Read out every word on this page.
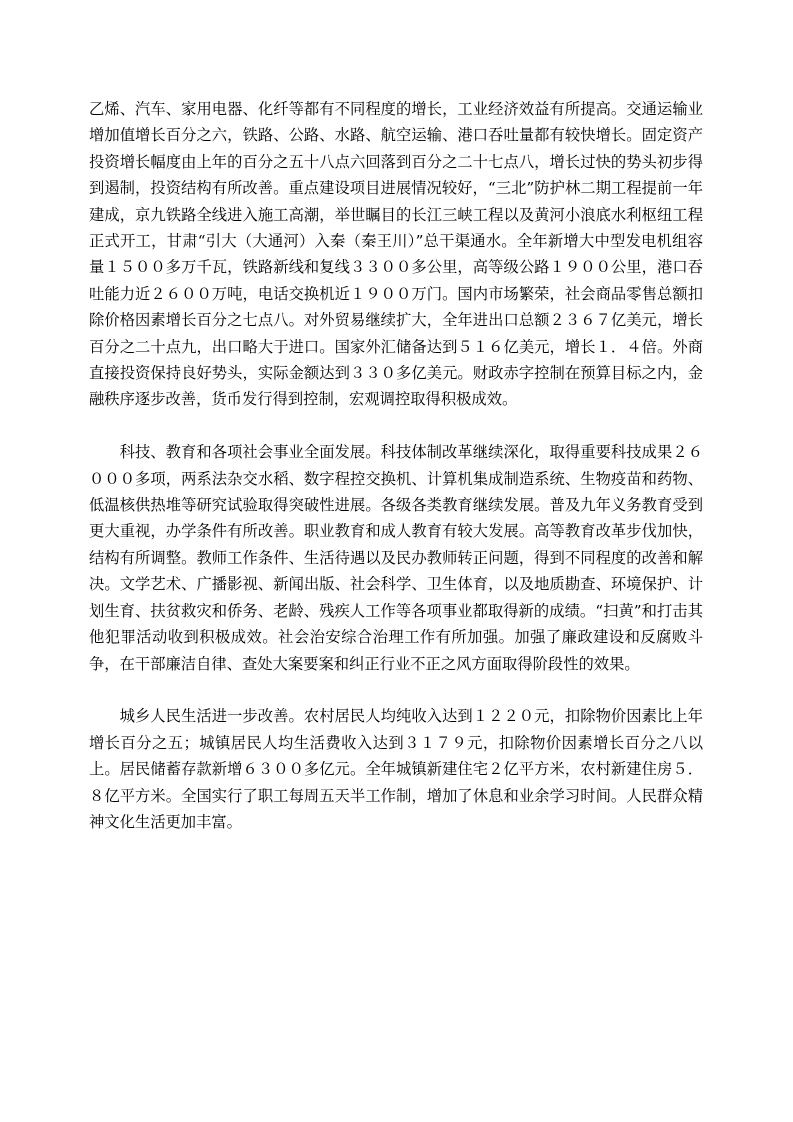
乙烯、汽车、家用电器、化纤等都有不同程度的增长，工业经济效益有所提高。交通运输业增加值增长百分之六，铁路、公路、水路、航空运输、港口吞吐量都有较快增长。固定资产投资增长幅度由上年的百分之五十八点六回落到百分之二十七点八，增长过快的势头初步得到遏制，投资结构有所改善。重点建设项目进展情况较好，“三北”防护林二期工程提前一年建成，京九铁路全线进入施工高潮，举世瞩目的长江三峡工程以及黄河小浪底水利枢纽工程正式开工，甘肃“引大（大通河）入秦（秦王川）”总干渠通水。全年新增大中型发电机组容量１５００多万千瓦，铁路新线和复线３３００多公里，高等级公路１９００公里，港口吞吐能力近２６００万吨，电话交换机近１９００万门。国内市场繁荣，社会商品零售总额扣除价格因素增长百分之七点八。对外贸易继续扩大，全年进出口总额２３６７亿美元，增长百分之二十点九，出口略大于进口。国家外汇储备达到５１６亿美元，增长１．４倍。外商直接投资保持良好势头，实际金额达到３３０多亿美元。财政赤字控制在预算目标之内，金融秩序逐步改善，货币发行得到控制，宏观调控取得积极成效。

科技、教育和各项社会事业全面发展。科技体制改革继续深化，取得重要科技成果２６０００多项，两系法杂交水稻、数字程控交换机、计算机集成制造系统、生物疫苗和药物、低温核供热堆等研究试验取得突破性进展。各级各类教育继续发展。普及九年义务教育受到更大重视，办学条件有所改善。职业教育和成人教育有较大发展。高等教育改革步伐加快，结构有所调整。教师工作条件、生活待遇以及民办教师转正问题，得到不同程度的改善和解决。文学艺术、广播影视、新闻出版、社会科学、卫生体育，以及地质勘查、环境保护、计划生育、扶贫救灾和侨务、老龄、残疾人工作等各项事业都取得新的成绩。“扫黄”和打击其他犯罪活动收到积极成效。社会治安综合治理工作有所加强。加强了廉政建设和反腐败斗争，在干部廉洁自律、查处大案要案和纠正行业不正之风方面取得阶段性的效果。

城乡人民生活进一步改善。农村居民人均纯收入达到１２２０元，扣除物价因素比上年增长百分之五；城镇居民人均生活费收入达到３１７９元，扣除物价因素增长百分之八以上。居民储蓄存款新增６３００多亿元。全年城镇新建住宅２亿平方米，农村新建住房５．８亿平方米。全国实行了职工每周五天半工作制，增加了休息和业余学习时间。人民群众精神文化生活更加丰富。
